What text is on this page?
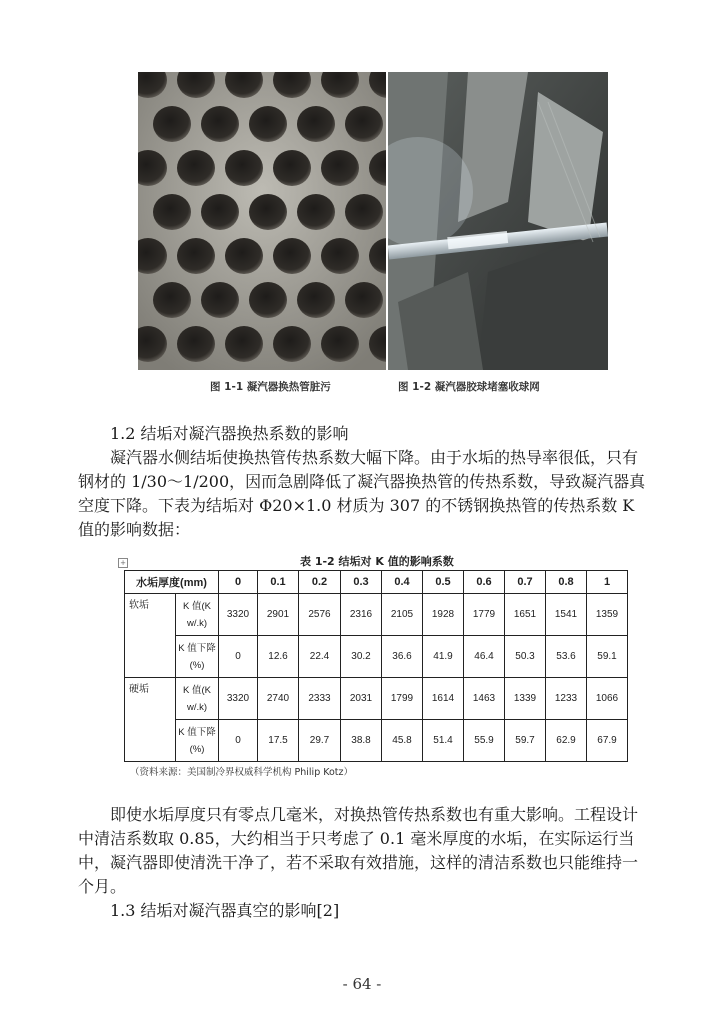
图 1-1 凝汽器换热管脏污	图 1-2 凝汽器胶球堵塞收球网

1.2 结垢对凝汽器换热系数的影响

凝汽器水侧结垢使换热管传热系数大幅下降。由于水垢的热导率很低，只有钢材的 1/30～1/200，因而急剧降低了凝汽器换热管的传热系数，导致凝汽器真空度下降。下表为结垢对 Φ20×1.0 材质为 307 的不锈钢换热管的传热系数 K 值的影响数据：

+	表 1-2 结垢对 K 值的影响系数
水垢厚度(mm)		0	0.1	0.2	0.3	0.4	0.5	0.6	0.7	0.8	1
软垢	K 值(K
w/.k)	3320	2901	2576	2316	2105	1928	1779	1651	1541	1359
	K 值下降
(%)	0	12.6	22.4	30.2	36.6	41.9	46.4	50.3	53.6	59.1
硬垢	K 值(K
w/.k)	3320	2740	2333	2031	1799	1614	1463	1339	1233	1066
	K 值下降
(%)	0	17.5	29.7	38.8	45.8	51.4	55.9	59.7	62.9	67.9
（资料来源：美国制冷界权威科学机构 Philip Kotz）

即使水垢厚度只有零点几毫米，对换热管传热系数也有重大影响。工程设计中清洁系数取 0.85，大约相当于只考虑了 0.1 毫米厚度的水垢，在实际运行当中，凝汽器即使清洗干净了，若不采取有效措施，这样的清洁系数也只能维持一个月。

1.3 结垢对凝汽器真空的影响[2]

- 64 -
